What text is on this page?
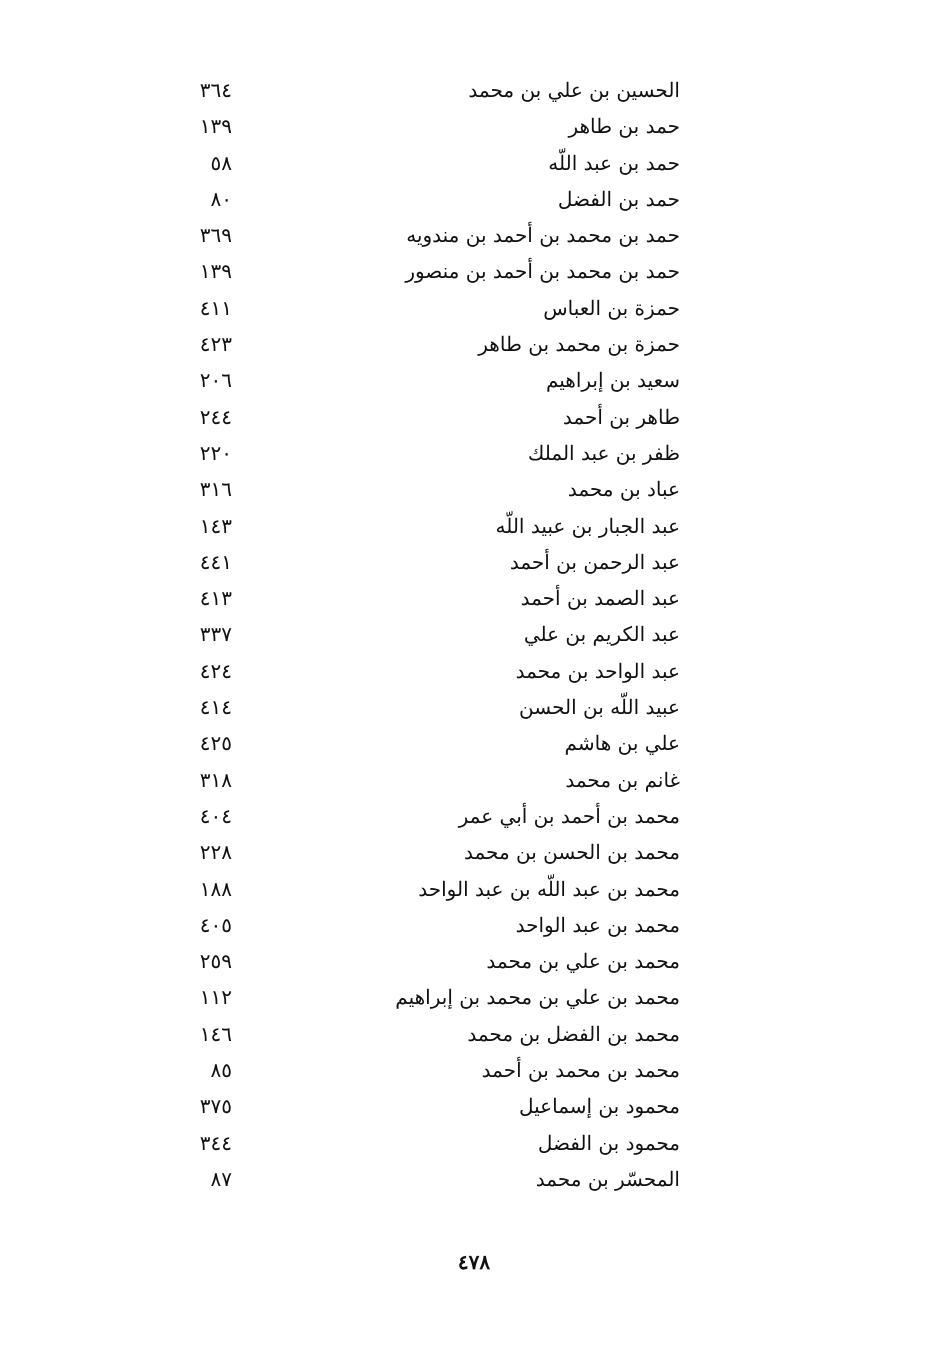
الحسين بن علي بن محمد
٣٦٤
حمد بن طاهر
١٣٩
حمد بن عبد اللّه
٥٨
حمد بن الفضل
٨٠
حمد بن محمد بن أحمد بن مندويه
٣٦٩
حمد بن محمد بن أحمد بن منصور
١٣٩
حمزة بن العباس
٤١١
حمزة بن محمد بن طاهر
٤٢٣
سعيد بن إبراهيم
٢٠٦
طاهر بن أحمد
٢٤٤
ظفر بن عبد الملك
٢٢٠
عباد بن محمد
٣١٦
عبد الجبار بن عبيد اللّه
١٤٣
عبد الرحمن بن أحمد
٤٤١
عبد الصمد بن أحمد
٤١٣
عبد الكريم بن علي
٣٣٧
عبد الواحد بن محمد
٤٢٤
عبيد اللّه بن الحسن
٤١٤
علي بن هاشم
٤٢٥
غانم بن محمد
٣١٨
محمد بن أحمد بن أبي عمر
٤٠٤
محمد بن الحسن بن محمد
٢٢٨
محمد بن عبد اللّه بن عبد الواحد
١٨٨
محمد بن عبد الواحد
٤٠٥
محمد بن علي بن محمد
٢٥٩
محمد بن علي بن محمد بن إبراهيم
١١٢
محمد بن الفضل بن محمد
١٤٦
محمد بن محمد بن أحمد
٨٥
محمود بن إسماعيل
٣٧٥
محمود بن الفضل
٣٤٤
المحسّر بن محمد
٨٧
٤٧٨
